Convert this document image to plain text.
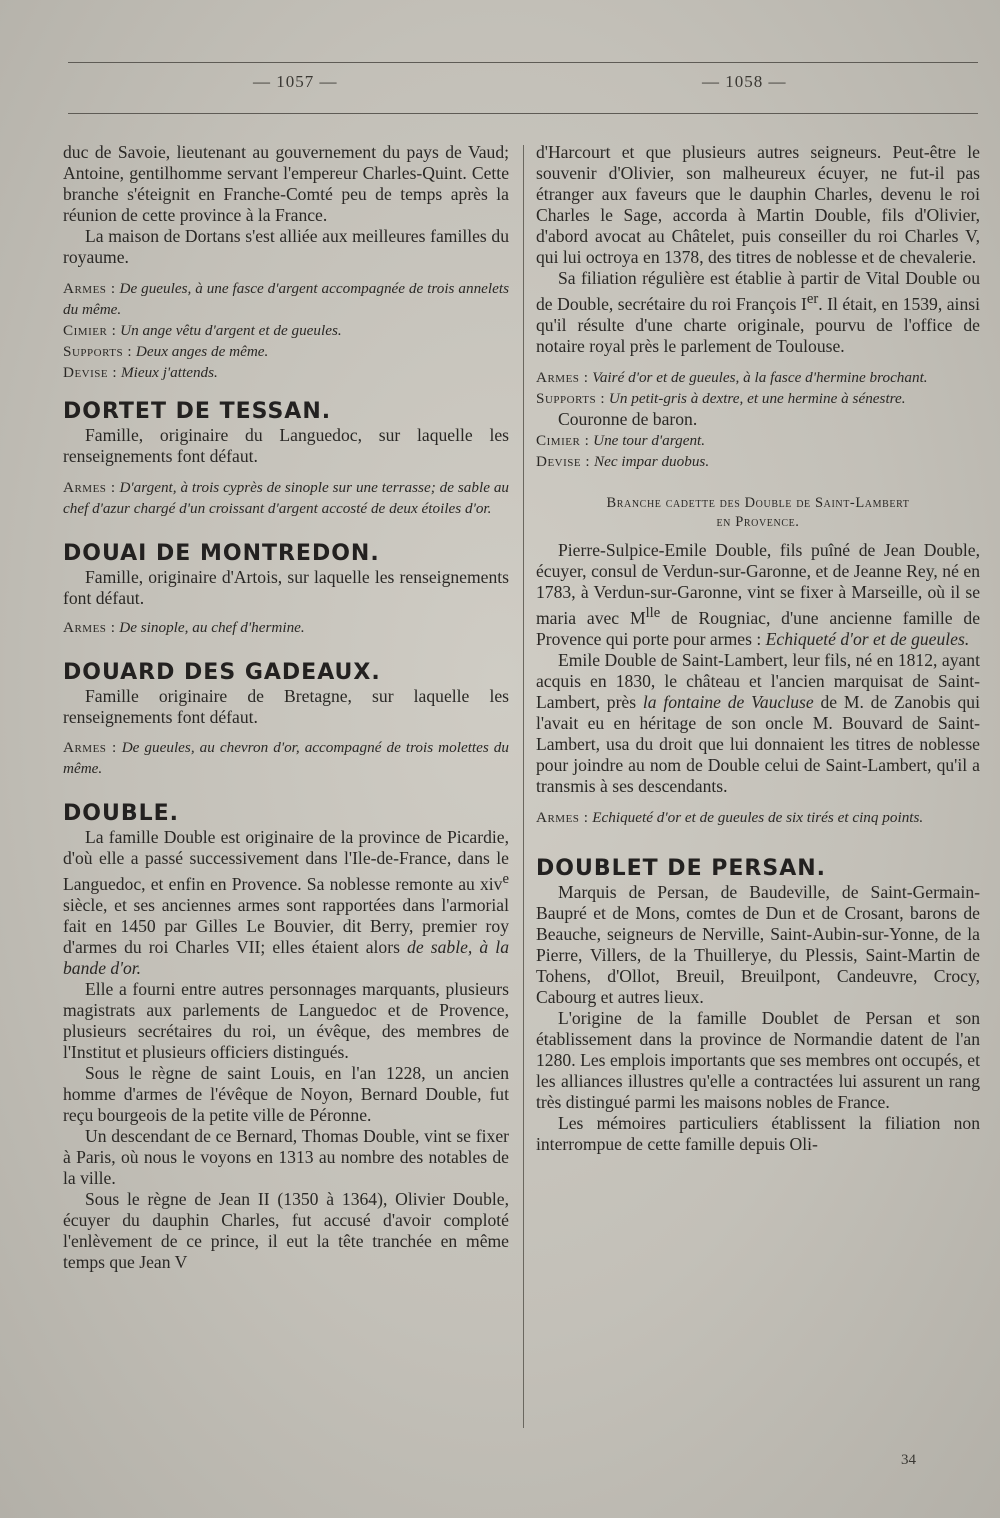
— 1057 —	— 1058 —

duc de Savoie, lieutenant au gouvernement du pays de Vaud; Antoine, gentilhomme servant l'empereur Charles-Quint. Cette branche s'éteignit en Franche-Comté peu de temps après la réunion de cette province à la France.

La maison de Dortans s'est alliée aux meilleures familles du royaume.

Armes : De gueules, à une fasce d'argent accompagnée de trois annelets du même.

Cimier : Un ange vêtu d'argent et de gueules.

Supports : Deux anges de même.

Devise : Mieux j'attends.

DORTET DE TESSAN.

Famille, originaire du Languedoc, sur laquelle les renseignements font défaut.

Armes : D'argent, à trois cyprès de sinople sur une terrasse; de sable au chef d'azur chargé d'un croissant d'argent accosté de deux étoiles d'or.

DOUAI DE MONTREDON.

Famille, originaire d'Artois, sur laquelle les renseignements font défaut.

Armes : De sinople, au chef d'hermine.

DOUARD DES GADEAUX.

Famille originaire de Bretagne, sur laquelle les renseignements font défaut.

Armes : De gueules, au chevron d'or, accompagné de trois molettes du même.

DOUBLE.

La famille Double est originaire de la province de Picardie, d'où elle a passé successivement dans l'Ile-de-France, dans le Languedoc, et enfin en Provence. Sa noblesse remonte au xiv$^e$ siècle, et ses anciennes armes sont rapportées dans l'armorial fait en 1450 par Gilles Le Bouvier, dit Berry, premier roy d'armes du roi Charles VII; elles étaient alors de sable, à la bande d'or.

Elle a fourni entre autres personnages marquants, plusieurs magistrats aux parlements de Languedoc et de Provence, plusieurs secrétaires du roi, un évêque, des membres de l'Institut et plusieurs officiers distingués.

Sous le règne de saint Louis, en l'an 1228, un ancien homme d'armes de l'évêque de Noyon, Bernard Double, fut reçu bourgeois de la petite ville de Péronne.

Un descendant de ce Bernard, Thomas Double, vint se fixer à Paris, où nous le voyons en 1313 au nombre des notables de la ville.

Sous le règne de Jean II (1350 à 1364), Olivier Double, écuyer du dauphin Charles, fut accusé d'avoir comploté l'enlèvement de ce prince, il eut la tête tranchée en même temps que Jean V

d'Harcourt et que plusieurs autres seigneurs. Peut-être le souvenir d'Olivier, son malheureux écuyer, ne fut-il pas étranger aux faveurs que le dauphin Charles, devenu le roi Charles le Sage, accorda à Martin Double, fils d'Olivier, d'abord avocat au Châtelet, puis conseiller du roi Charles V, qui lui octroya en 1378, des titres de noblesse et de chevalerie.

Sa filiation régulière est établie à partir de Vital Double ou de Double, secrétaire du roi François Ier. Il était, en 1539, ainsi qu'il résulte d'une charte originale, pourvu de l'office de notaire royal près le parlement de Toulouse.

Armes : Vairé d'or et de gueules, à la fasce d'hermine brochant.

Supports : Un petit-gris à dextre, et une hermine à sénestre.

Couronne de baron.

Cimier : Une tour d'argent.

Devise : Nec impar duobus.

Branche cadette des Double de Saint-Lambert

en Provence.

Pierre-Sulpice-Emile Double, fils puîné de Jean Double, écuyer, consul de Verdun-sur-Garonne, et de Jeanne Rey, né en 1783, à Verdun-sur-Garonne, vint se fixer à Marseille, où il se maria avec $M^{lle}$ de Rougniac, d'une ancienne famille de Provence qui porte pour armes : Echiqueté d'or et de gueules.

Emile Double de Saint-Lambert, leur fils, né en 1812, ayant acquis en 1830, le château et l'ancien marquisat de Saint-Lambert, près la fontaine de Vaucluse de M. de Zanobis qui l'avait eu en héritage de son oncle M. Bouvard de Saint-Lambert, usa du droit que lui donnaient les titres de noblesse pour joindre au nom de Double celui de Saint-Lambert, qu'il a transmis à ses descendants.

Armes : Echiqueté d'or et de gueules de six tirés et cinq points.

DOUBLET DE PERSAN.

Marquis de Persan, de Baudeville, de Saint-Germain-Baupré et de Mons, comtes de Dun et de Crosant, barons de Beauche, seigneurs de Nerville, Saint-Aubin-sur-Yonne, de la Pierre, Villers, de la Thuillerye, du Plessis, Saint-Martin de Tohens, d'Ollot, Breuil, Breuilpont, Candeuvre, Crocy, Cabourg et autres lieux.

L'origine de la famille Doublet de Persan et son établissement dans la province de Normandie datent de l'an 1280. Les emplois importants que ses membres ont occupés, et les alliances illustres qu'elle a contractées lui assurent un rang très distingué parmi les maisons nobles de France.

Les mémoires particuliers établissent la filiation non interrompue de cette famille depuis Oli-

34
